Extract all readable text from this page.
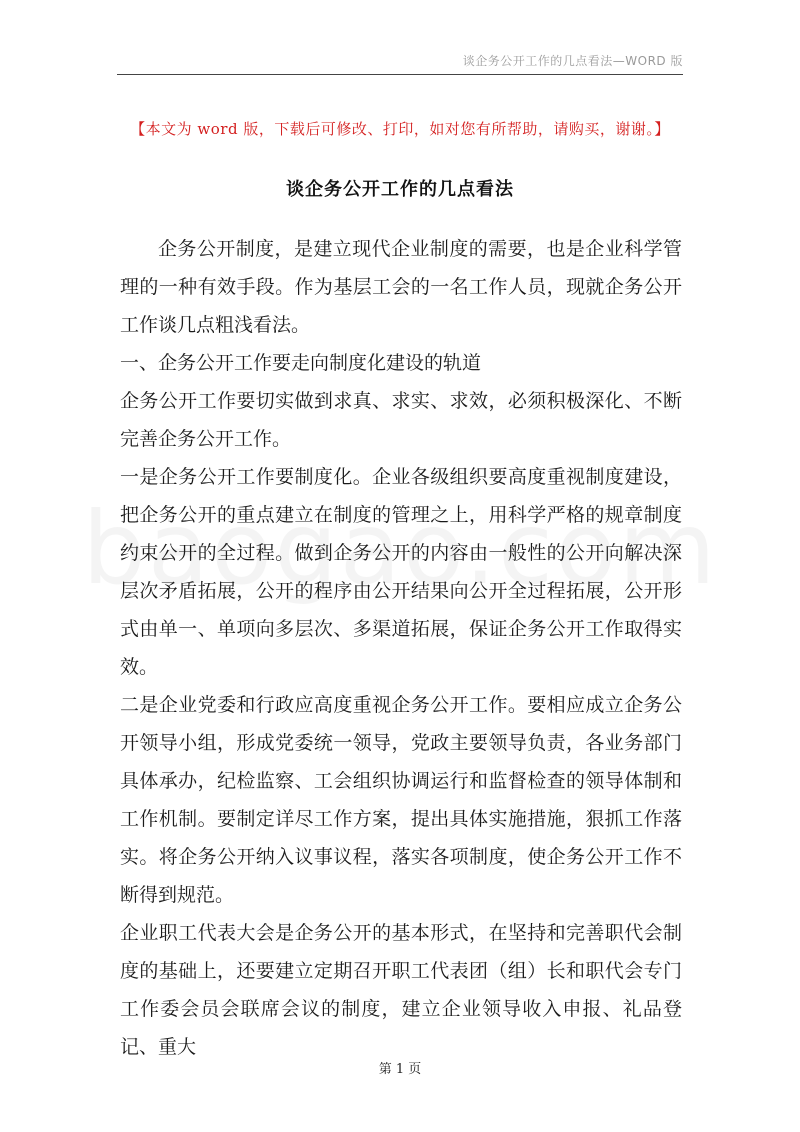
谈企务公开工作的几点看法—WORD 版
【本文为 word 版，下载后可修改、打印，如对您有所帮助，请购买，谢谢。】
谈企务公开工作的几点看法

企务公开制度，是建立现代企业制度的需要，也是企业科学管理的一种有效手段。作为基层工会的一名工作人员，现就企务公开工作谈几点粗浅看法。

一、企务公开工作要走向制度化建设的轨道

企务公开工作要切实做到求真、求实、求效，必须积极深化、不断完善企务公开工作。

一是企务公开工作要制度化。企业各级组织要高度重视制度建设，把企务公开的重点建立在制度的管理之上，用科学严格的规章制度约束公开的全过程。做到企务公开的内容由一般性的公开向解决深层次矛盾拓展，公开的程序由公开结果向公开全过程拓展，公开形式由单一、单项向多层次、多渠道拓展，保证企务公开工作取得实效。

二是企业党委和行政应高度重视企务公开工作。要相应成立企务公开领导小组，形成党委统一领导，党政主要领导负责，各业务部门具体承办，纪检监察、工会组织协调运行和监督检查的领导体制和工作机制。要制定详尽工作方案，提出具体实施措施，狠抓工作落实。将企务公开纳入议事议程，落实各项制度，使企务公开工作不断得到规范。

企业职工代表大会是企务公开的基本形式，在坚持和完善职代会制度的基础上，还要建立定期召开职工代表团（组）长和职代会专门工作委会员会联席会议的制度，建立企业领导收入申报、礼品登记、重大

第 1 页
